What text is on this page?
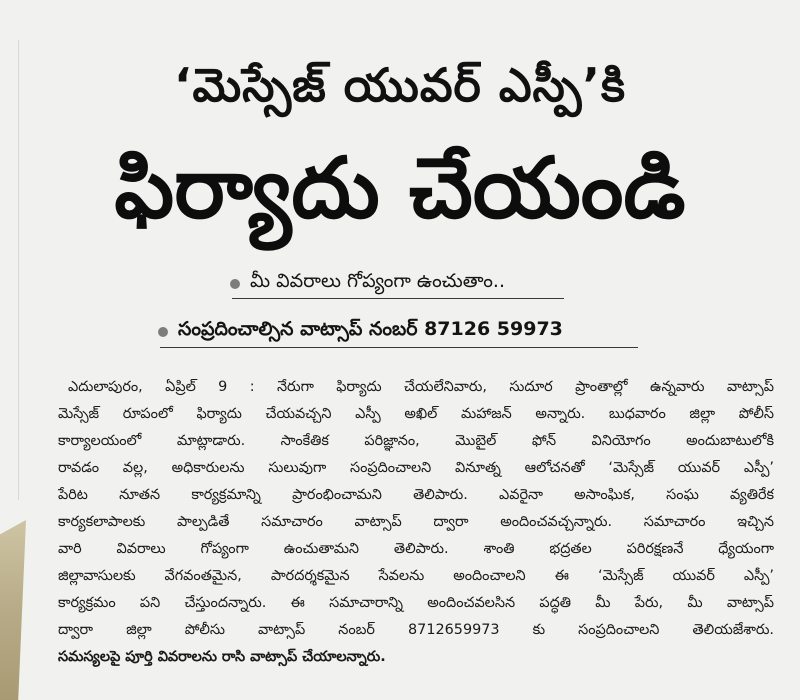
‘మెస్సేజ్ యువర్ ఎస్పీ’కి
ఫిర్యాదు చేయండి
మీ వివరాలు గోప్యంగా ఉంచుతాం..
సంప్రదించాల్సిన వాట్సాప్ నంబర్ 87126 59973
ఎదులాపురం, ఏప్రిల్ 9 : నేరుగా ఫిర్యాదు చేయలేనివారు, సుదూర ప్రాంతాల్లో ఉన్నవారు వాట్సాప్
మెస్సేజ్ రూపంలో ఫిర్యాదు చేయవచ్చని ఎస్పీ అఖిల్ మహాజన్ అన్నారు. బుధవారం జిల్లా పోలీస్
కార్యాలయంలో మాట్లాడారు. సాంకేతిక పరిజ్ఞానం, మొబైల్ ఫోన్ వినియోగం అందుబాటులోకి
రావడం వల్ల, అధికారులను సులువుగా సంప్రదించాలని వినూత్న ఆలోచనతో ‘మెస్సేజ్ యువర్ ఎస్పీ’
పేరిట నూతన కార్యక్రమాన్ని ప్రారంభించామని తెలిపారు. ఎవరైనా అసాంఘిక, సంఘ వ్యతిరేక
కార్యకలాపాలకు పాల్పడితే సమాచారం వాట్సాప్ ద్వారా అందించవచ్చన్నారు. సమాచారం ఇచ్చిన
వారి వివరాలు గోప్యంగా ఉంచుతామని తెలిపారు. శాంతి భద్రతల పరిరక్షణనే ధ్యేయంగా
జిల్లావాసులకు వేగవంతమైన, పారదర్శకమైన సేవలను అందించాలని ఈ ‘మెస్సేజ్ యువర్ ఎస్పీ’
కార్యక్రమం పని చేస్తుందన్నారు. ఈ సమాచారాన్ని అందించవలసిన పద్ధతి మీ పేరు, మీ వాట్సాప్
ద్వారా జిల్లా పోలీసు వాట్సాప్ నంబర్ 8712659973 కు సంప్రదించాలని తెలియజేశారు.
సమస్యలపై పూర్తి వివరాలను రాసి వాట్సాప్ చేయాలన్నారు.
